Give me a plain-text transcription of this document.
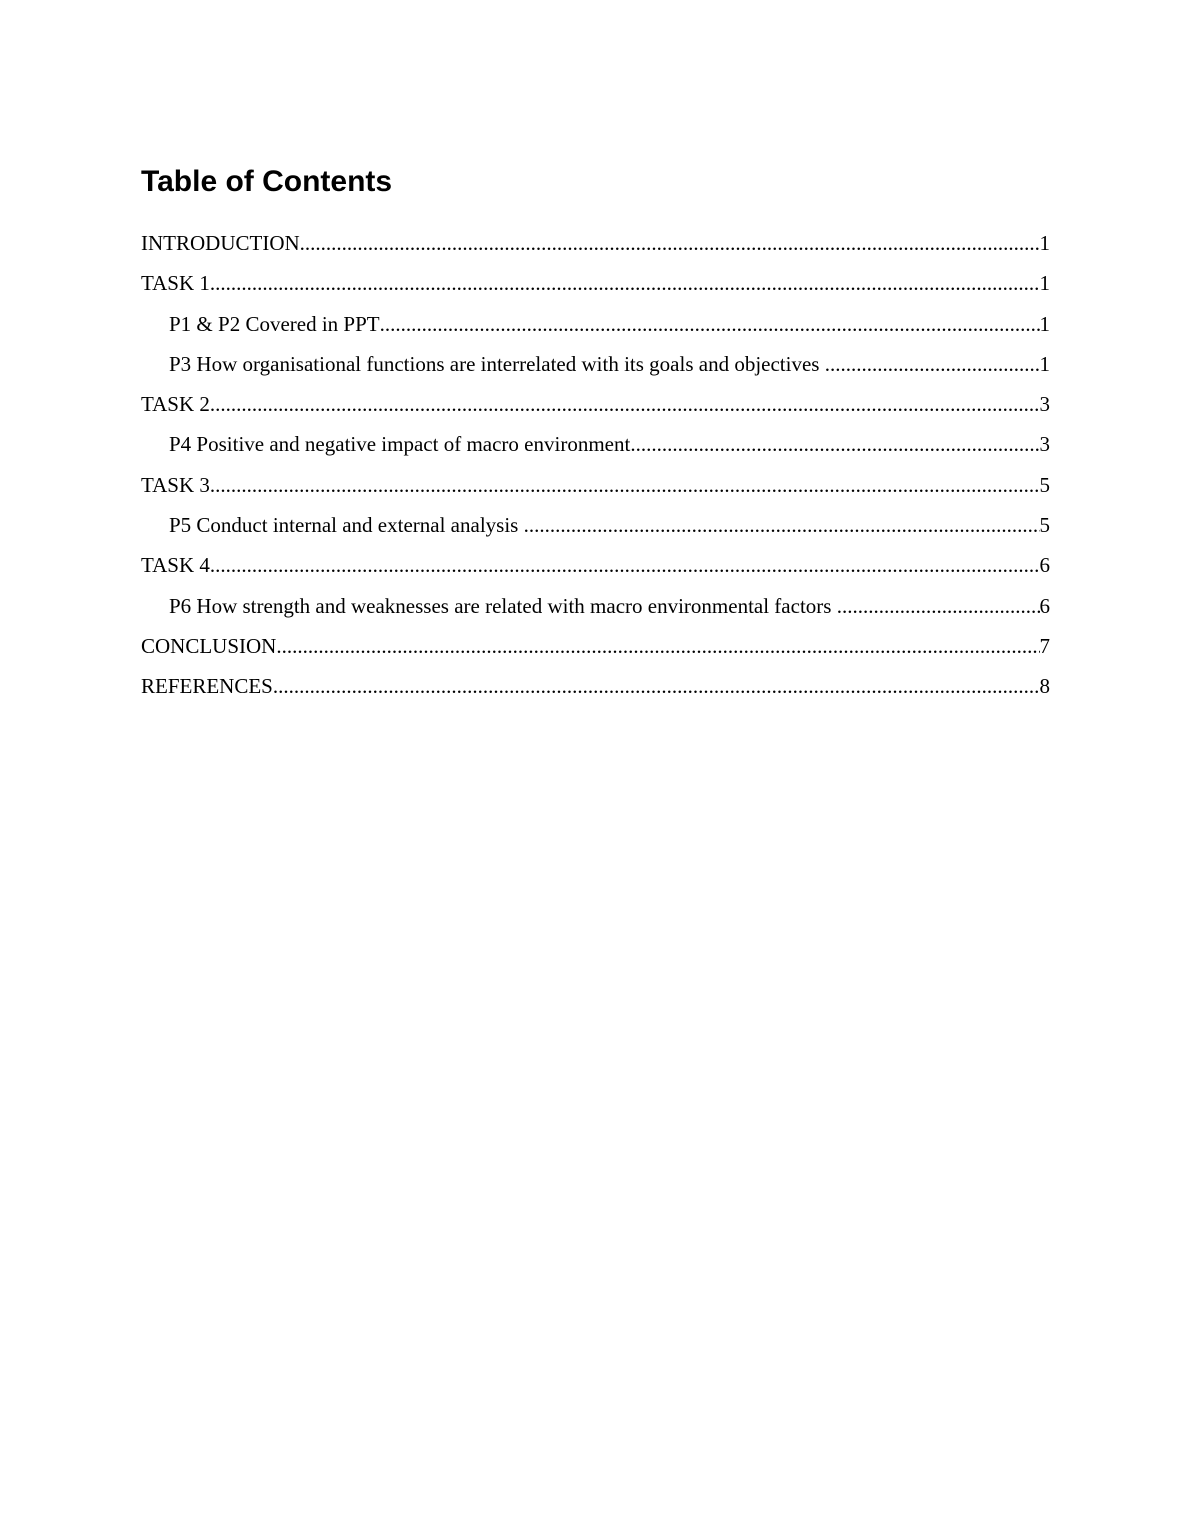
Table of Contents
INTRODUCTION .....	1
TASK 1 .....	1
P1 & P2 Covered in PPT .....	1
P3 How organisational functions are interrelated with its goals and objectives .....	1
TASK 2 .....	3
P4 Positive and negative impact of macro environment .....	3
TASK 3 .....	5
P5 Conduct internal and external analysis .....	5
TASK 4 .....	6
P6 How strength and weaknesses are related with macro environmental factors .....	6
CONCLUSION .....	7
REFERENCES .....	8
